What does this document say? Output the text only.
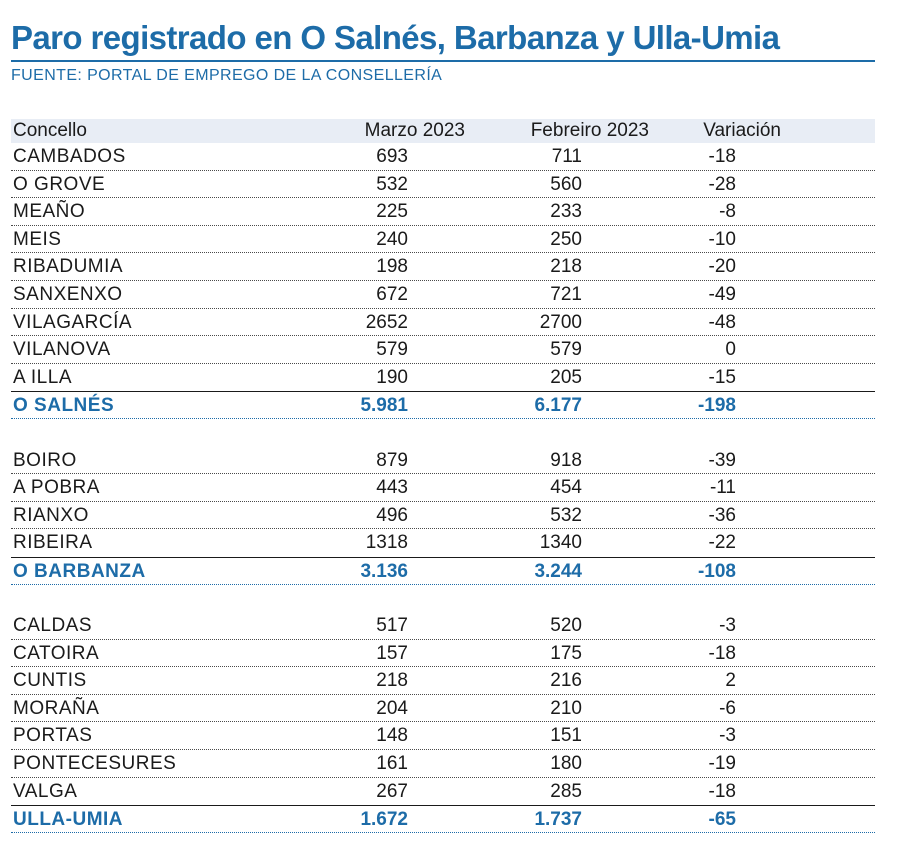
Paro registrado en O Salnés, Barbanza y Ulla-Umia
FUENTE: PORTAL DE EMPREGO DE LA CONSELLERÍA
Concello	Marzo 2023	Febreiro 2023	Variación
CAMBADOS	693	711	-18
O GROVE	532	560	-28
MEAÑO	225	233	-8
MEIS	240	250	-10
RIBADUMIA	198	218	-20
SANXENXO	672	721	-49
VILAGARCÍA	2652	2700	-48
VILANOVA	579	579	0
A ILLA	190	205	-15
O SALNÉS	5.981	6.177	-198
BOIRO	879	918	-39
A POBRA	443	454	-11
RIANXO	496	532	-36
RIBEIRA	1318	1340	-22
O BARBANZA	3.136	3.244	-108
CALDAS	517	520	-3
CATOIRA	157	175	-18
CUNTIS	218	216	2
MORAÑA	204	210	-6
PORTAS	148	151	-3
PONTECESURES	161	180	-19
VALGA	267	285	-18
ULLA-UMIA	1.672	1.737	-65
